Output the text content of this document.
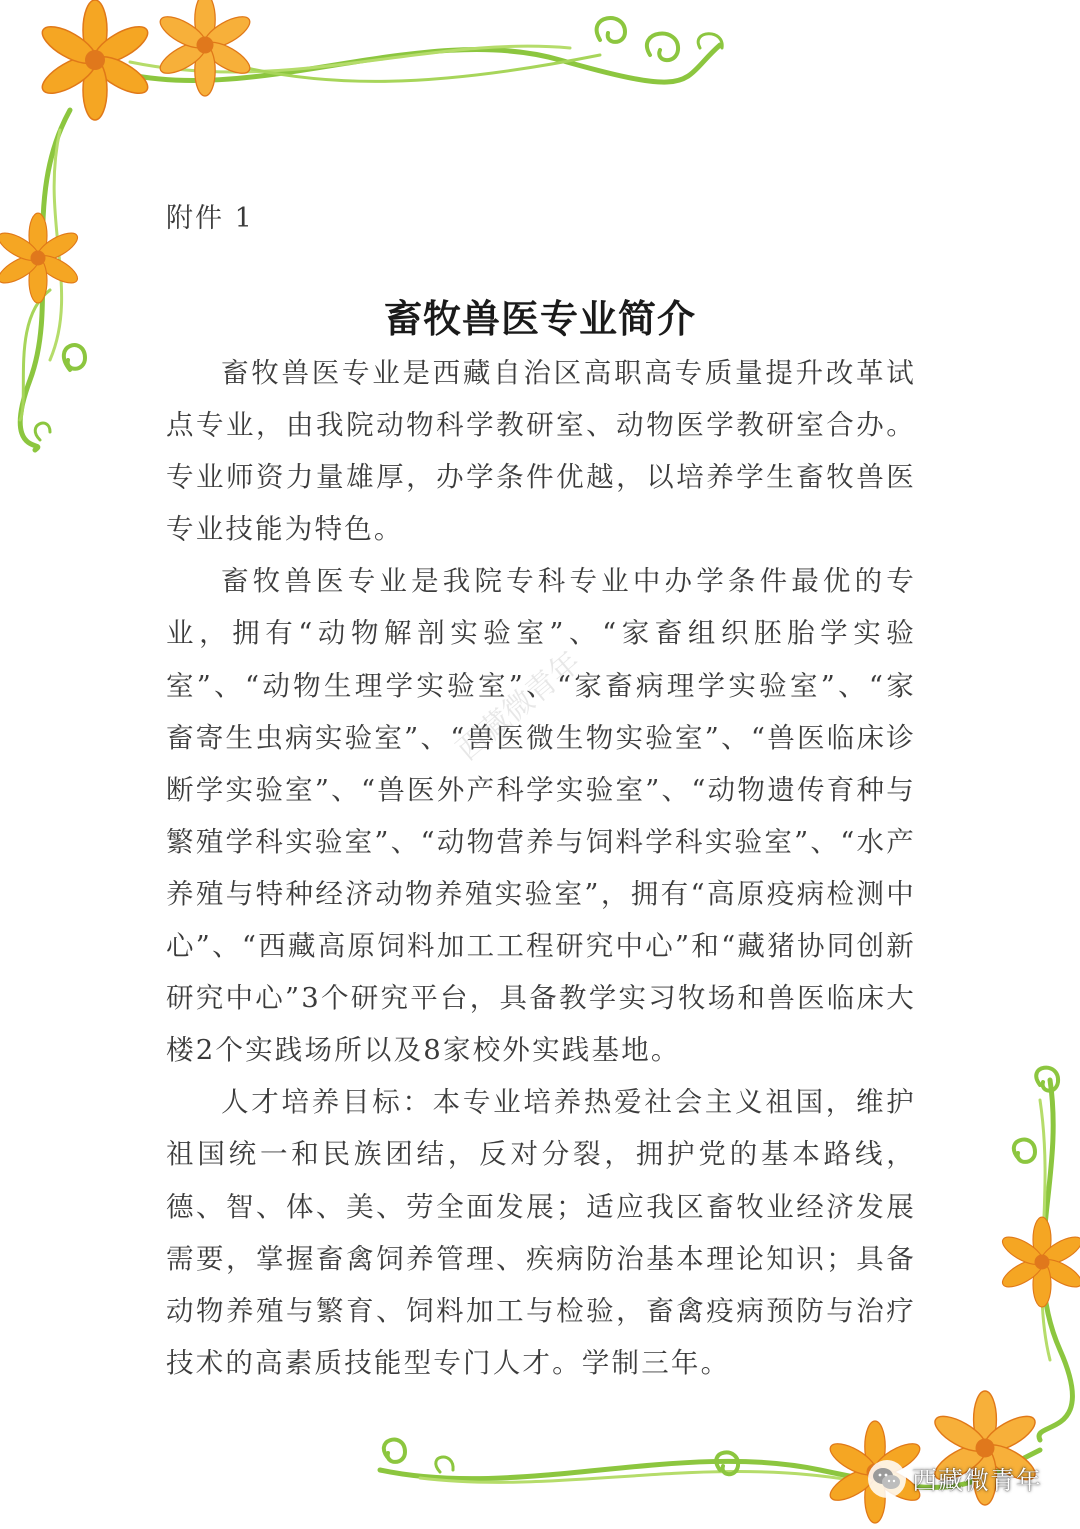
附件 1
畜牧兽医专业简介

畜牧兽医专业是西藏自治区高职高专质量提升改革试点专业，由我院动物科学教研室、动物医学教研室合办。专业师资力量雄厚，办学条件优越，以培养学生畜牧兽医专业技能为特色。

畜牧兽医专业是我院专科专业中办学条件最优的专业，拥有“动物解剖实验室”、“家畜组织胚胎学实验室”、“动物生理学实验室”、“家畜病理学实验室”、“家畜寄生虫病实验室”、“兽医微生物实验室”、“兽医临床诊断学实验室”、“兽医外产科学实验室”、“动物遗传育种与繁殖学科实验室”、“动物营养与饲料学科实验室”、“水产养殖与特种经济动物养殖实验室”，拥有“高原疫病检测中心”、“西藏高原饲料加工工程研究中心”和“藏猪协同创新研究中心”3个研究平台，具备教学实习牧场和兽医临床大楼2个实践场所以及8家校外实践基地。

人才培养目标：本专业培养热爱社会主义祖国，维护祖国统一和民族团结，反对分裂，拥护党的基本路线，德、智、体、美、劳全面发展；适应我区畜牧业经济发展需要，掌握畜禽饲养管理、疾病防治基本理论知识；具备动物养殖与繁育、饲料加工与检验，畜禽疫病预防与治疗技术的高素质技能型专门人才。学制三年。

西藏微青年
西藏微青年
